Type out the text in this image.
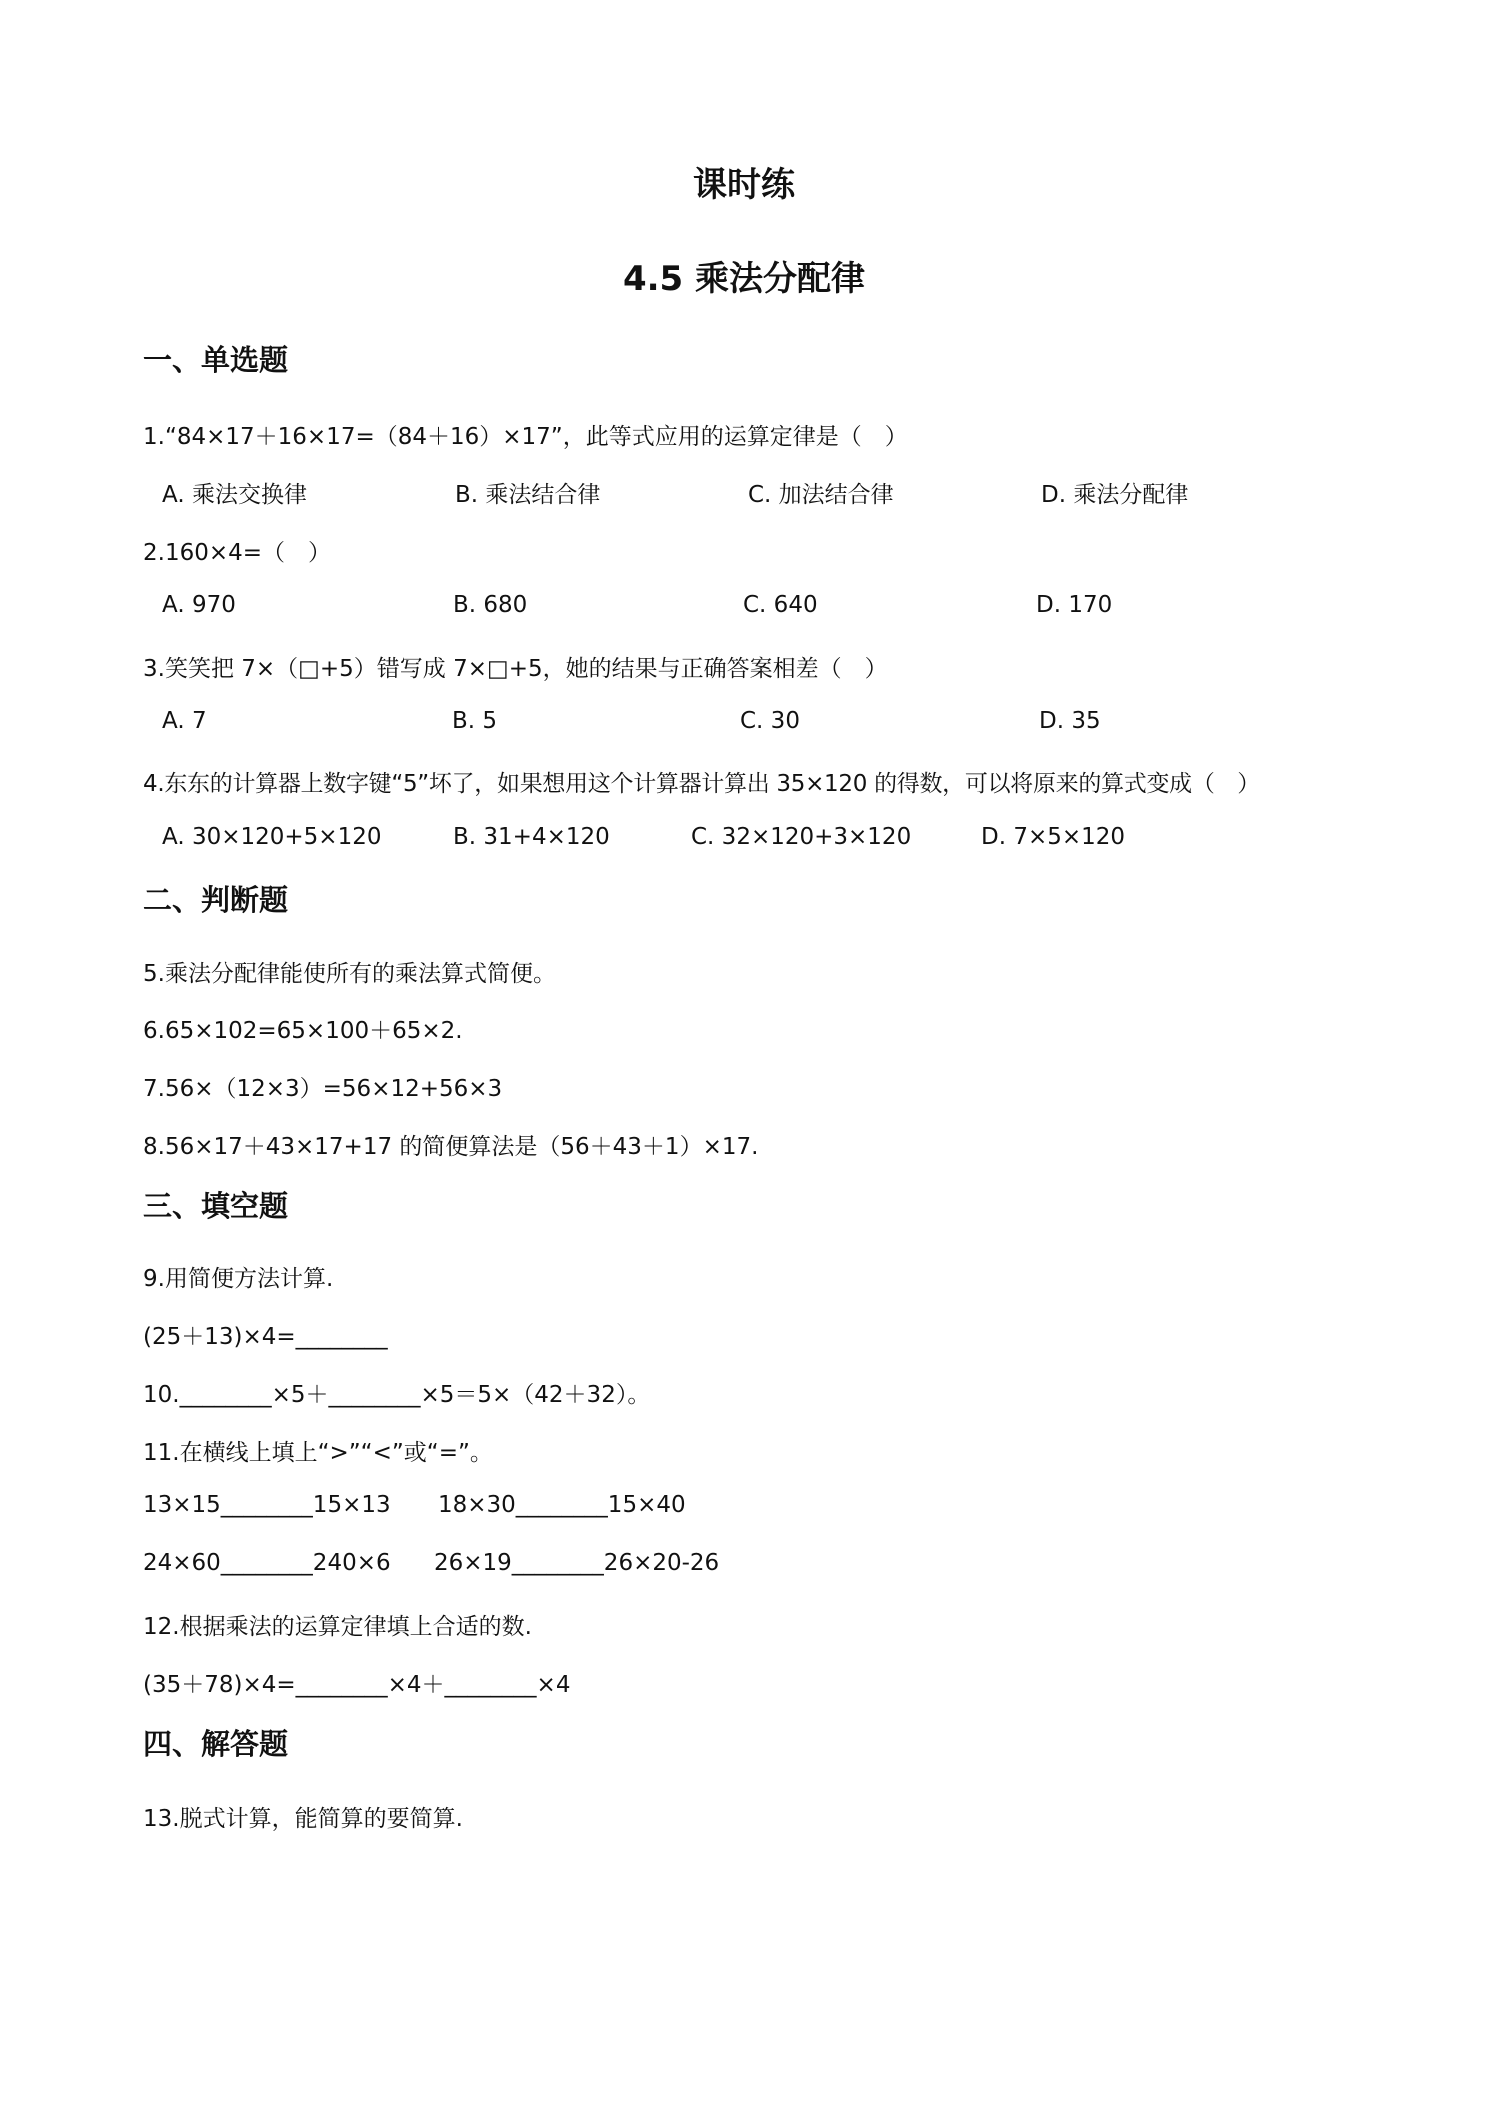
课时练
4.5 乘法分配律
一、单选题
1.“84×17＋16×17=（84＋16）×17”，此等式应用的运算定律是（　）
A. 乘法交换律	B. 乘法结合律	C. 加法结合律	D. 乘法分配律
2.160×4=（　）
A. 970	B. 680	C. 640	D. 170
3.笑笑把 7×（□+5）错写成 7×□+5，她的结果与正确答案相差（　）
A. 7	B. 5	C. 30	D. 35
4.东东的计算器上数字键“5”坏了，如果想用这个计算器计算出 35×120 的得数，可以将原来的算式变成（　）
A. 30×120+5×120	B. 31+4×120	C. 32×120+3×120	D. 7×5×120
二、判断题
5.乘法分配律能使所有的乘法算式简便。
6.65×102=65×100＋65×2.
7.56×（12×3）=56×12+56×3
8.56×17＋43×17+17 的简便算法是（56＋43＋1）×17.
三、填空题
9.用简便方法计算.
(25＋13)×4=________
10.________×5＋________×5＝5×（42＋32）。
11.在横线上填上“>”“<”或“=”。
13×15________15×13 18×30________15×40
24×60________240×6 26×19________26×20-26
12.根据乘法的运算定律填上合适的数.
(35＋78)×4=________×4＋________×4
四、解答题
13.脱式计算，能简算的要简算.
